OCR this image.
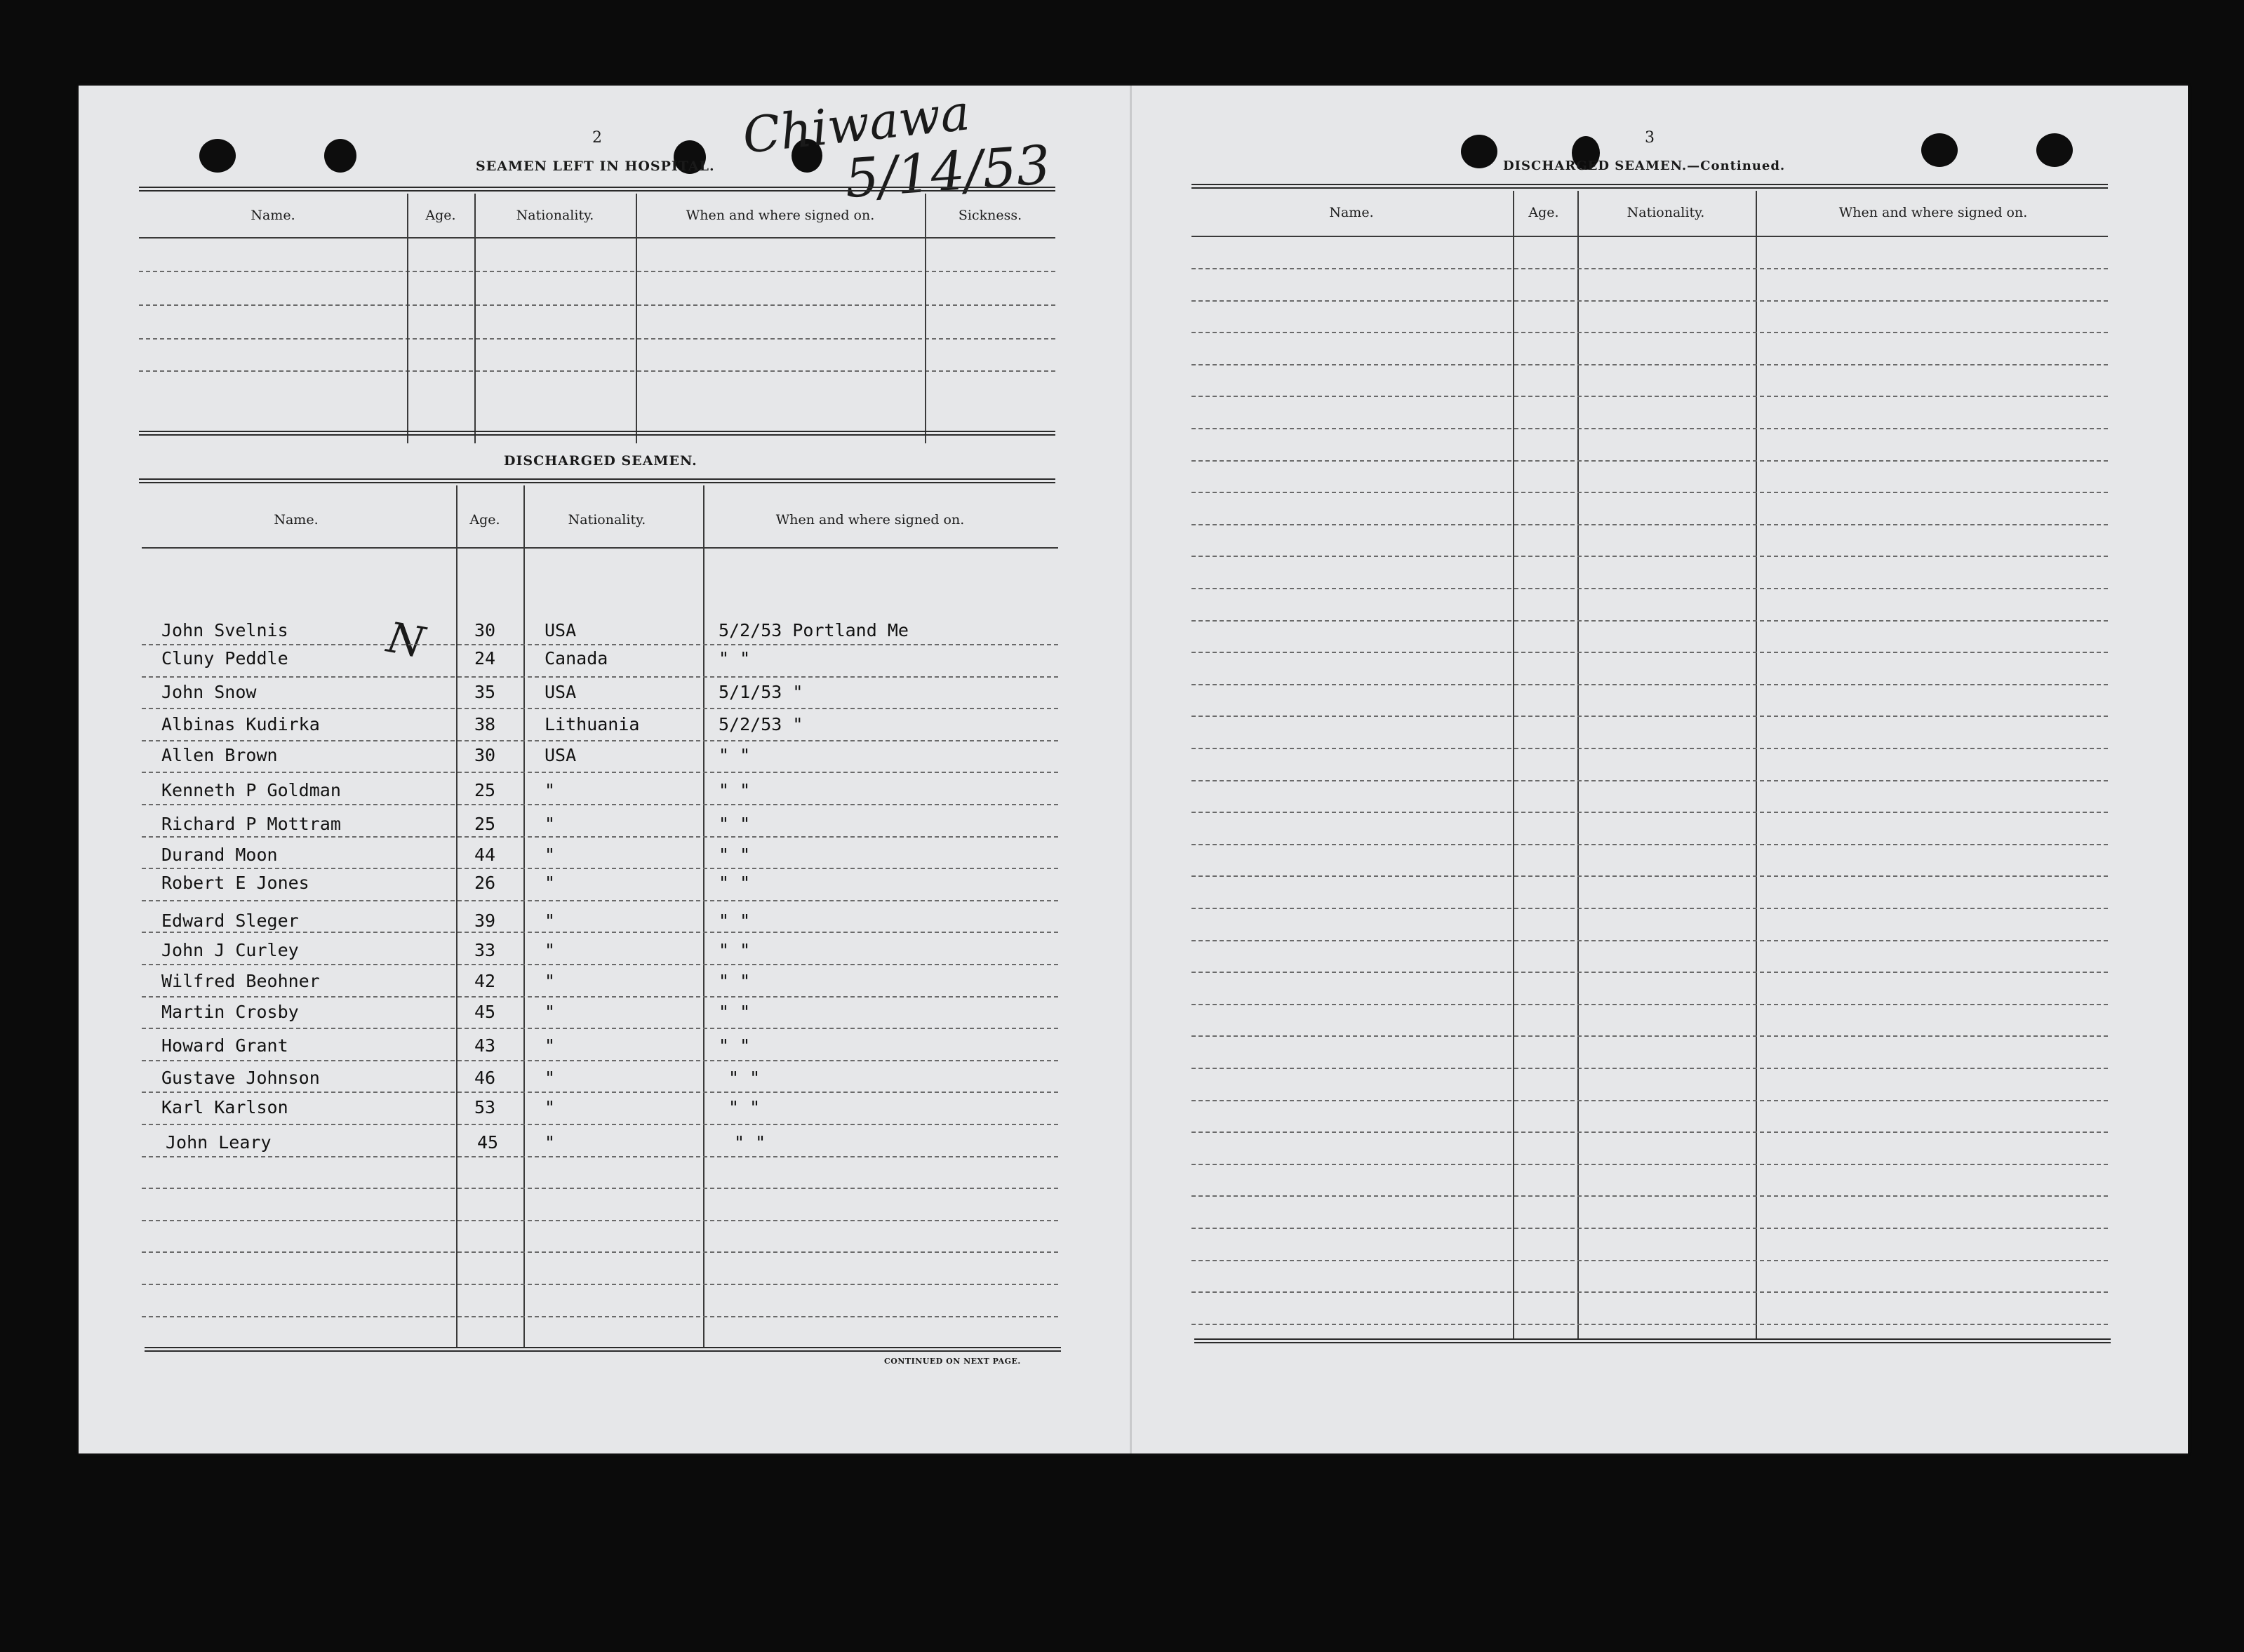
2
SEAMEN LEFT IN HOSPITAL.
Chiwawa
5/14/53
N
Name.	Age.	Nationality.	When and where signed on.	Sickness.
DISCHARGED SEAMEN.
Name.	Age.	Nationality.	When and where signed on.
John Svelnis	30	USA	5/2/53 Portland Me
Cluny Peddle	24	Canada	" "
John Snow	35	USA	5/1/53 "
Albinas Kudirka	38	Lithuania	5/2/53 "
Allen Brown	30	USA	" "
Kenneth P Goldman	25	"	" "
Richard P Mottram	25	"	" "
Durand Moon	44	"	" "
Robert E Jones	26	"	" "
Edward Sleger	39	"	" "
John J Curley	33	"	" "
Wilfred Beohner	42	"	" "
Martin Crosby	45	"	" "
Howard Grant	43	"	" "
Gustave Johnson	46	"	" "
Karl Karlson	53	"	" "
John Leary	45	"	" "
CONTINUED ON NEXT PAGE.
3
DISCHARGED SEAMEN.—Continued.
Name.	Age.	Nationality.	When and where signed on.
